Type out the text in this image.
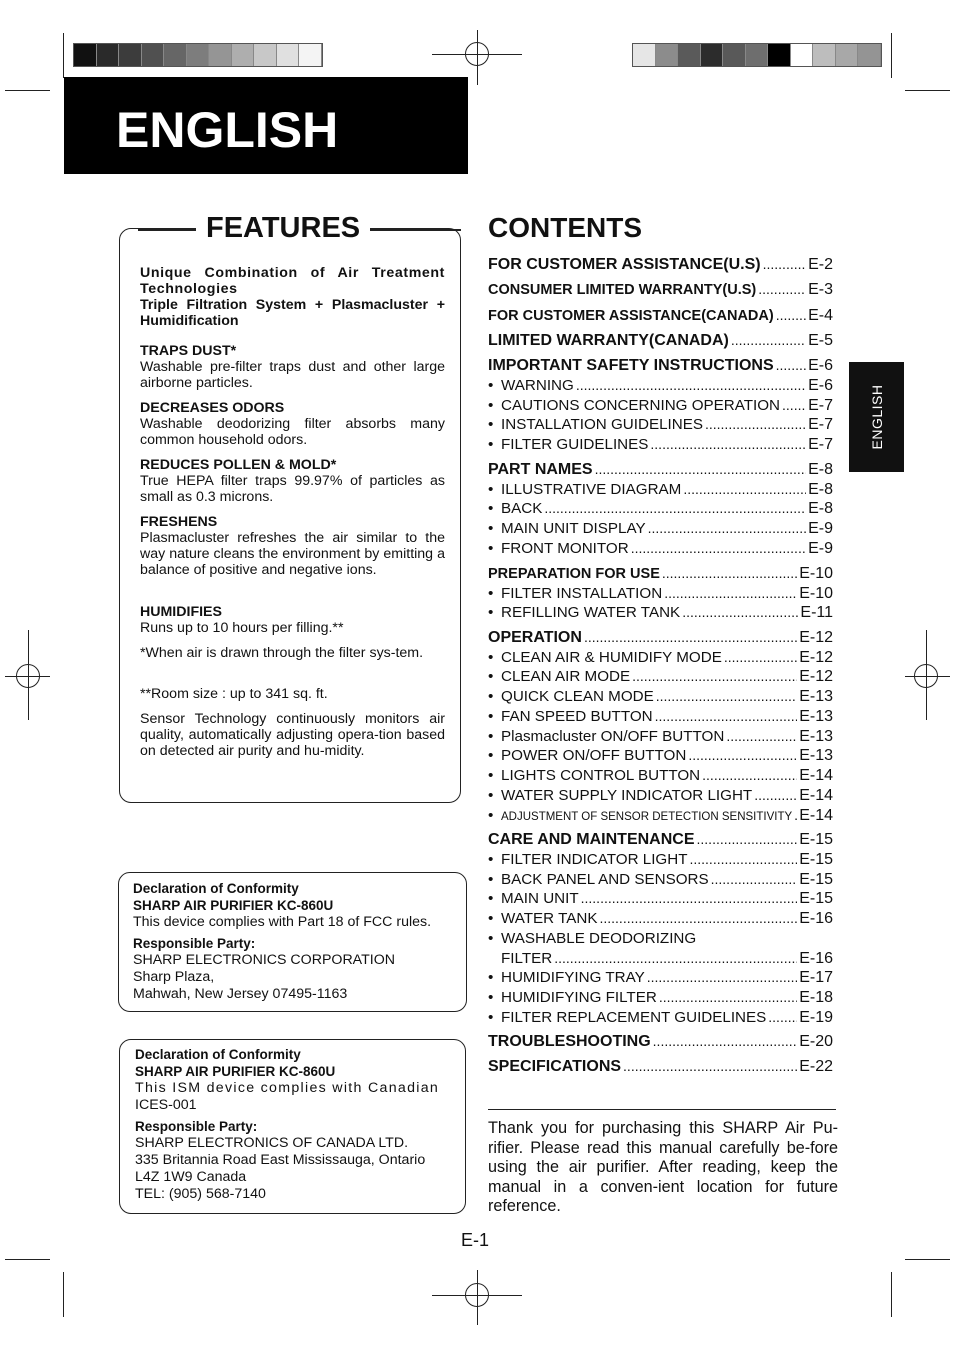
ENGLISH
ENGLISH
FEATURES
Unique Combination of Air Treatment Technologies
Triple Filtration System + Plasmacluster + Humidification
TRAPS DUST*
Washable pre-filter traps dust and other large airborne particles.
DECREASES ODORS
Washable deodorizing filter absorbs many common household odors.
REDUCES POLLEN & MOLD*
True HEPA filter traps 99.97% of particles as small as 0.3 microns.
FRESHENS
Plasmacluster refreshes the air similar to the way nature cleans the environment by emitting a balance of positive and negative ions.
HUMIDIFIES
Runs up to 10 hours per filling.**
*When air is drawn through the filter sys-tem.
**Room size : up to 341 sq. ft.
Sensor Technology continuously monitors air quality, automatically adjusting opera-tion based on detected air purity and hu-midity.
Declaration of Conformity
SHARP AIR PURIFIER KC-860U
This device complies with Part 18 of FCC rules.
Responsible Party:
SHARP ELECTRONICS CORPORATION
Sharp Plaza,
Mahwah, New Jersey 07495-1163
Declaration of Conformity
SHARP AIR PURIFIER KC-860U
This ISM device complies with Canadian
ICES-001
Responsible Party:
SHARP ELECTRONICS OF CANADA LTD.
335 Britannia Road East Mississauga, Ontario
L4Z 1W9 Canada
TEL: (905) 568-7140
CONTENTS
FOR CUSTOMER ASSISTANCE(U.S) .....	E-2
CONSUMER LIMITED WARRANTY(U.S) .....	E-3
FOR CUSTOMER ASSISTANCE(CANADA) ..... E-4
LIMITED WARRANTY(CANADA) .....	E-5
IMPORTANT SAFETY INSTRUCTIONS ..... E-6
• WARNING .....	E-6
• CAUTIONS CONCERNING OPERATION ..... E-7
• INSTALLATION GUIDELINES .....	E-7
• FILTER GUIDELINES .....	E-7
PART NAMES .....	E-8
• ILLUSTRATIVE DIAGRAM .....	E-8
• BACK .....	E-8
• MAIN UNIT DISPLAY .....	E-9
• FRONT MONITOR .....	E-9
PREPARATION FOR USE .....	E-10
• FILTER INSTALLATION .....	E-10
• REFILLING WATER TANK .....	E-11
OPERATION .....	E-12
• CLEAN AIR & HUMIDIFY MODE .....	E-12
• CLEAN AIR MODE .....	E-12
• QUICK CLEAN MODE .....	E-13
• FAN SPEED BUTTON .....	E-13
• Plasmacluster ON/OFF BUTTON .....	E-13
• POWER ON/OFF BUTTON .....	E-13
• LIGHTS CONTROL BUTTON .....	E-14
• WATER SUPPLY INDICATOR LIGHT .....	E-14
• ADJUSTMENT OF SENSOR DETECTION SENSITIVITY ..... E-14
CARE AND MAINTENANCE .....	E-15
• FILTER INDICATOR LIGHT .....	E-15
• BACK PANEL AND SENSORS .....	E-15
• MAIN UNIT .....	E-15
• WATER TANK .....	E-16
• WASHABLE DEODORIZING
FILTER .....	E-16
• HUMIDIFYING TRAY .....	E-17
• HUMIDIFYING FILTER .....	E-18
• FILTER REPLACEMENT GUIDELINES ..... E-19
TROUBLESHOOTING .....	E-20
SPECIFICATIONS .....	E-22
Thank you for purchasing this SHARP Air Pu-rifier. Please read this manual carefully be-fore using the air purifier. After reading, keep the manual in a conven-ient location for future reference.
E-1
